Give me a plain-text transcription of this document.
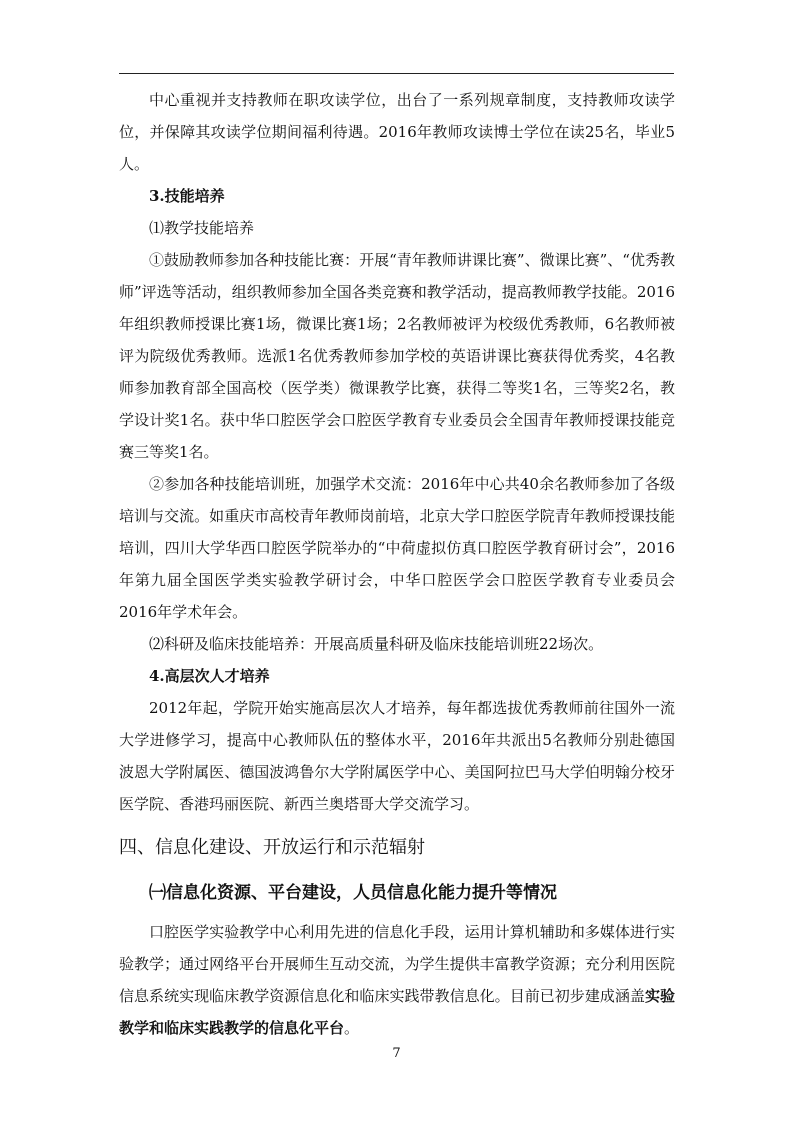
中心重视并支持教师在职攻读学位，出台了一系列规章制度，支持教师攻读学位，并保障其攻读学位期间福利待遇。2016年教师攻读博士学位在读25名，毕业5人。

3.技能培养

⑴教学技能培养

①鼓励教师参加各种技能比赛：开展“青年教师讲课比赛”、微课比赛”、“优秀教师”评选等活动，组织教师参加全国各类竞赛和教学活动，提高教师教学技能。2016年组织教师授课比赛1场，微课比赛1场；2名教师被评为校级优秀教师，6名教师被评为院级优秀教师。选派1名优秀教师参加学校的英语讲课比赛获得优秀奖，4名教师参加教育部全国高校（医学类）微课教学比赛，获得二等奖1名，三等奖2名，教学设计奖1名。获中华口腔医学会口腔医学教育专业委员会全国青年教师授课技能竞赛三等奖1名。

②参加各种技能培训班，加强学术交流：2016年中心共40余名教师参加了各级培训与交流。如重庆市高校青年教师岗前培，北京大学口腔医学院青年教师授课技能培训，四川大学华西口腔医学院举办的“中荷虚拟仿真口腔医学教育研讨会”，2016年第九届全国医学类实验教学研讨会，中华口腔医学会口腔医学教育专业委员会2016年学术年会。

⑵科研及临床技能培养：开展高质量科研及临床技能培训班22场次。

4.高层次人才培养

2012年起，学院开始实施高层次人才培养，每年都选拔优秀教师前往国外一流大学进修学习，提高中心教师队伍的整体水平，2016年共派出5名教师分别赴德国波恩大学附属医、德国波鸿鲁尔大学附属医学中心、美国阿拉巴马大学伯明翰分校牙医学院、香港玛丽医院、新西兰奥塔哥大学交流学习。

四、信息化建设、开放运行和示范辐射

㈠信息化资源、平台建设，人员信息化能力提升等情况

口腔医学实验教学中心利用先进的信息化手段，运用计算机辅助和多媒体进行实验教学；通过网络平台开展师生互动交流，为学生提供丰富教学资源；充分利用医院信息系统实现临床教学资源信息化和临床实践带教信息化。目前已初步建成涵盖实验教学和临床实践教学的信息化平台。

7
